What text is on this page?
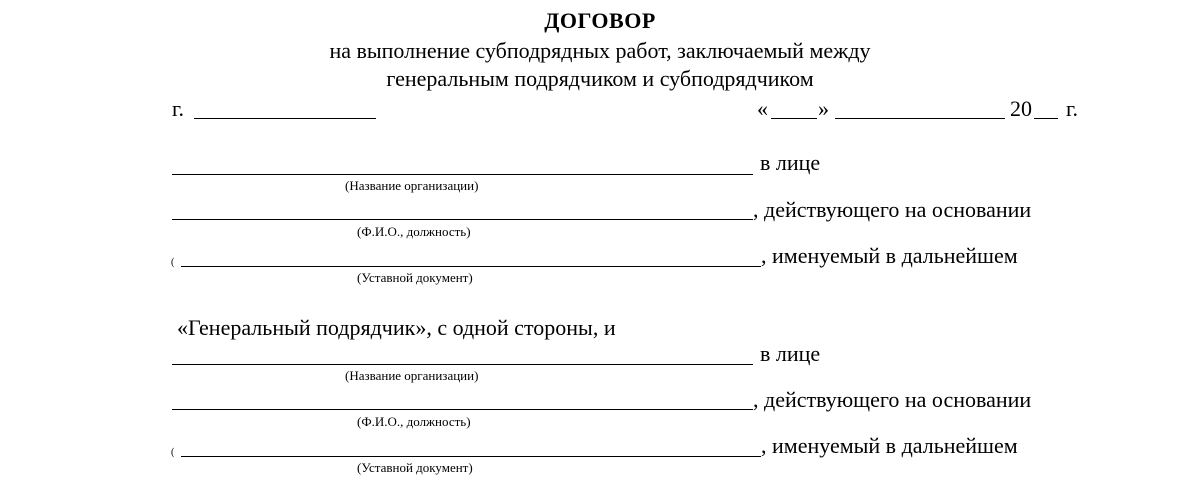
ДОГОВОР
на выполнение субподрядных работ, заключаемый между
генеральным подрядчиком и субподрядчиком
г.	« »	20 г.
в лице
(Название организации)
, действующего на основании
(Ф.И.О., должность)
(	, именуемый в дальнейшем
(Уставной документ)
«Генеральный подрядчик», с одной стороны, и
в лице
(Название организации)
, действующего на основании
(Ф.И.О., должность)
(	, именуемый в дальнейшем
(Уставной документ)
